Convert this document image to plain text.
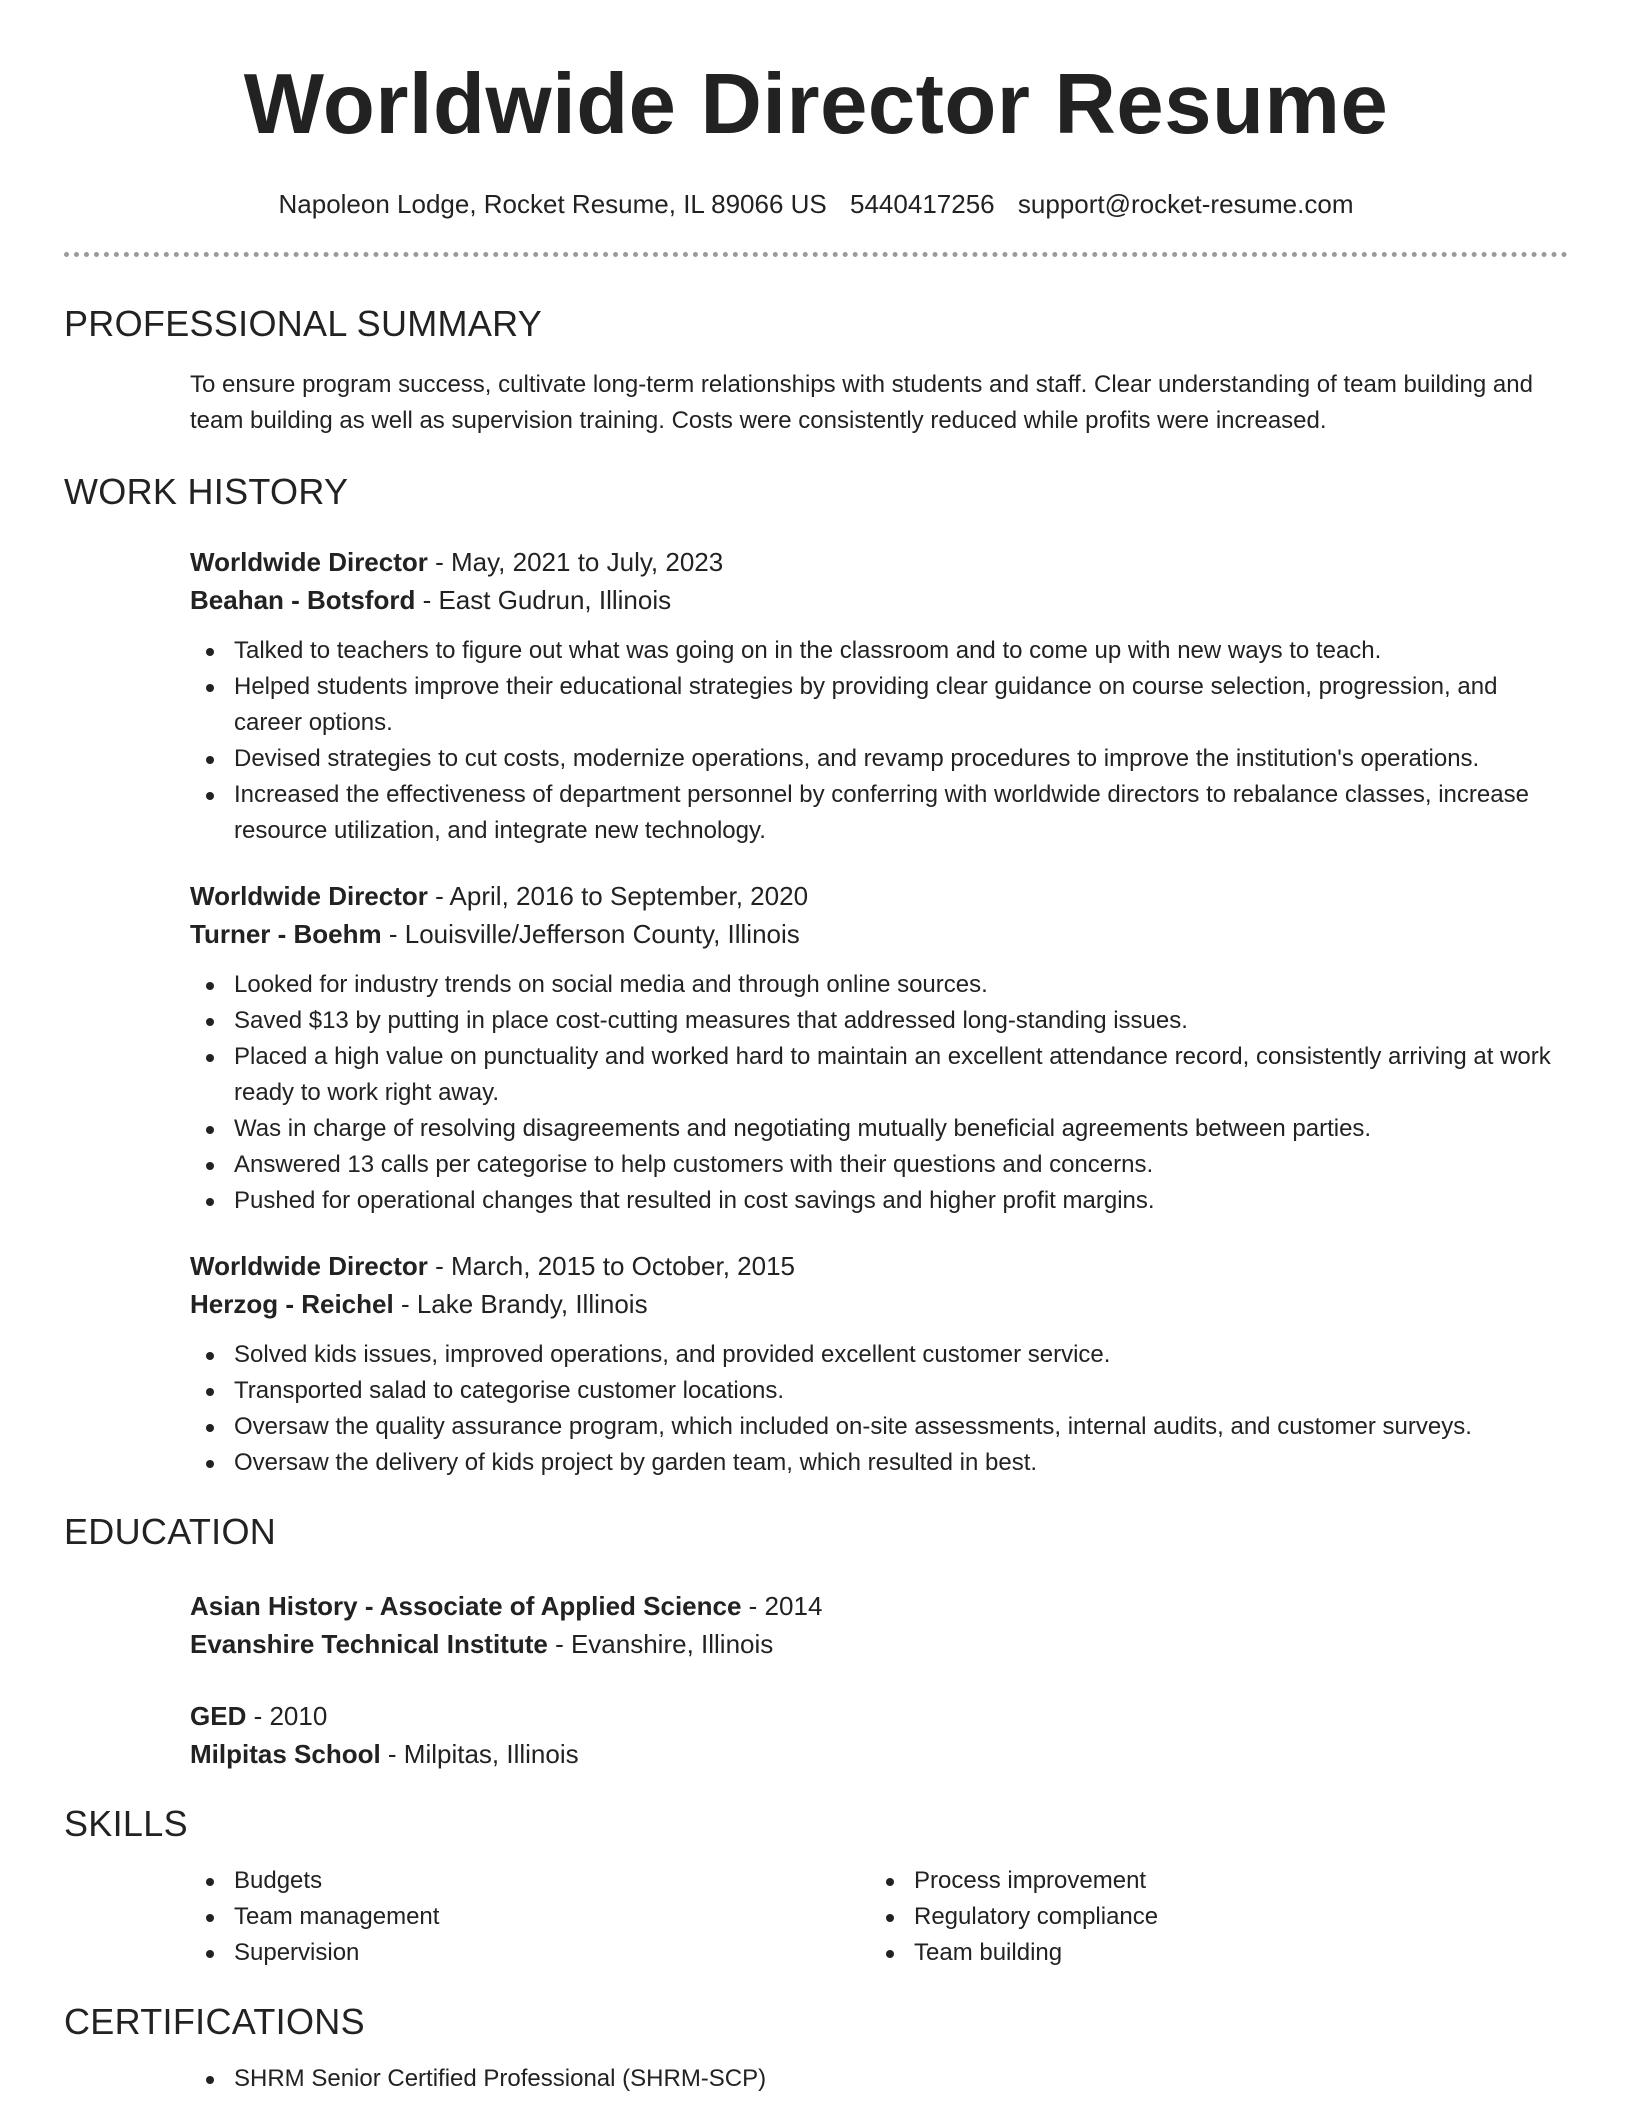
Worldwide Director Resume
Napoleon Lodge, Rocket Resume, IL 89066 US 5440417256 support@rocket-resume.com
PROFESSIONAL SUMMARY

To ensure program success, cultivate long-term relationships with students and staff. Clear understanding of team building and team building as well as supervision training. Costs were consistently reduced while profits were increased.

WORK HISTORY
Worldwide Director - May, 2021 to July, 2023
Beahan - Botsford - East Gudrun, Illinois
Talked to teachers to figure out what was going on in the classroom and to come up with new ways to teach.
Helped students improve their educational strategies by providing clear guidance on course selection, progression, and career options.
Devised strategies to cut costs, modernize operations, and revamp procedures to improve the institution's operations.
Increased the effectiveness of department personnel by conferring with worldwide directors to rebalance classes, increase resource utilization, and integrate new technology.
Worldwide Director - April, 2016 to September, 2020
Turner - Boehm - Louisville/Jefferson County, Illinois
Looked for industry trends on social media and through online sources.
Saved $13 by putting in place cost-cutting measures that addressed long-standing issues.
Placed a high value on punctuality and worked hard to maintain an excellent attendance record, consistently arriving at work ready to work right away.
Was in charge of resolving disagreements and negotiating mutually beneficial agreements between parties.
Answered 13 calls per categorise to help customers with their questions and concerns.
Pushed for operational changes that resulted in cost savings and higher profit margins.
Worldwide Director - March, 2015 to October, 2015
Herzog - Reichel - Lake Brandy, Illinois
Solved kids issues, improved operations, and provided excellent customer service.
Transported salad to categorise customer locations.
Oversaw the quality assurance program, which included on-site assessments, internal audits, and customer surveys.
Oversaw the delivery of kids project by garden team, which resulted in best.
EDUCATION
Asian History - Associate of Applied Science - 2014
Evanshire Technical Institute - Evanshire, Illinois
GED - 2010
Milpitas School - Milpitas, Illinois
SKILLS
Budgets
Team management
Supervision
Process improvement
Regulatory compliance
Team building
CERTIFICATIONS
SHRM Senior Certified Professional (SHRM-SCP)
